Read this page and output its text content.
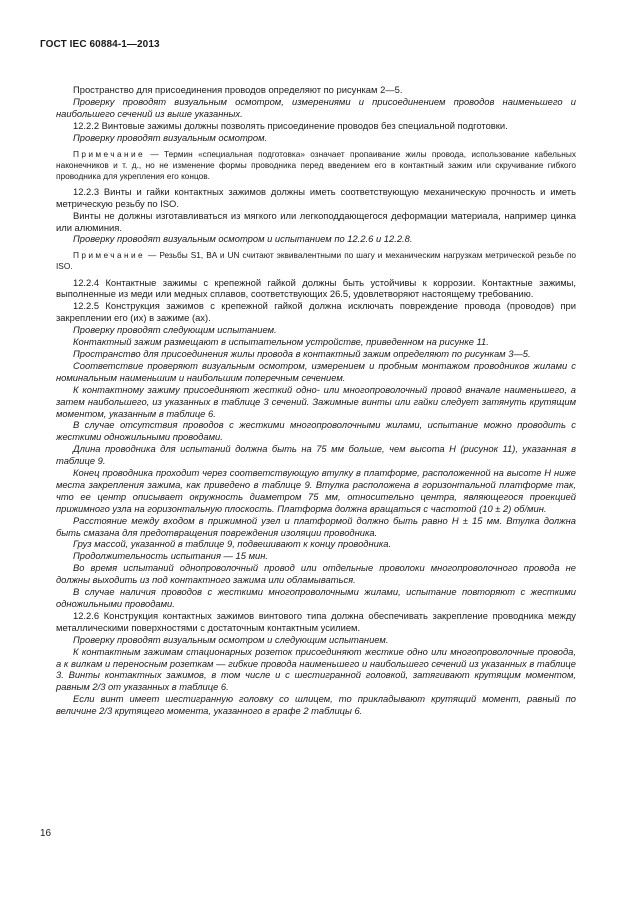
ГОСТ IEC 60884-1—2013

Пространство для присоединения проводов определяют по рисункам 2—5.

Проверку проводят визуальным осмотром, измерениями и присоединением проводов наименьшего и наибольшего сечений из выше указанных.

12.2.2 Винтовые зажимы должны позволять присоединение проводов без специальной подготовки.

Проверку проводят визуальным осмотром.

Примечание — Термин «специальная подготовка» означает пропаивание жилы провода, использование кабельных наконечников и т. д., но не изменение формы проводника перед введением его в контактный зажим или скручивание гибкого проводника для укрепления его концов.

12.2.3 Винты и гайки контактных зажимов должны иметь соответствующую механическую прочность и иметь метрическую резьбу по ISO.

Винты не должны изготавливаться из мягкого или легкоподдающегося деформации материала, например цинка или алюминия.

Проверку проводят визуальным осмотром и испытанием по 12.2.6 и 12.2.8.

Примечание — Резьбы S1, BA и UN считают эквивалентными по шагу и механическим нагрузкам метрической резьбе по ISO.

12.2.4 Контактные зажимы с крепежной гайкой должны быть устойчивы к коррозии. Контактные зажимы, выполненные из меди или медных сплавов, соответствующих 26.5, удовлетворяют настоящему требованию.

12.2.5 Конструкция зажимов с крепежной гайкой должна исключать повреждение провода (проводов) при закреплении его (их) в зажиме (ах).

Проверку проводят следующим испытанием.

Контактный зажим размещают в испытательном устройстве, приведенном на рисунке 11.

Пространство для присоединения жилы провода в контактный зажим определяют по рисункам 3—5.

Соответствие проверяют визуальным осмотром, измерением и пробным монтажом проводников жилами с номинальным наименьшим и наибольшим поперечным сечением.

К контактному зажиму присоединяют жесткий одно- или многопроволочный провод вначале наименьшего, а затем наибольшего, из указанных в таблице 3 сечений. Зажимные винты или гайки следует затянуть крутящим моментом, указанным в таблице 6.

В случае отсутствия проводов с жесткими многопроволочными жилами, испытание можно проводить с жесткими одножильными проводами.

Длина проводника для испытаний должна быть на 75 мм больше, чем высота H (рисунок 11), указанная в таблице 9.

Конец проводника проходит через соответствующую втулку в платформе, расположенной на высоте H ниже места закрепления зажима, как приведено в таблице 9. Втулка расположена в горизонтальной платформе так, что ее центр описывает окружность диаметром 75 мм, относительно центра, являющегося проекцией прижимного узла на горизонтальную плоскость. Платформа должна вращаться с частотой (10 ± 2) об/мин.

Расстояние между входом в прижимной узел и платформой должно быть равно H ± 15 мм. Втулка должна быть смазана для предотвращения повреждения изоляции проводника.

Груз массой, указанной в таблице 9, подвешивают к концу проводника.

Продолжительность испытания — 15 мин.

Во время испытаний однопроволочный провод или отдельные проволоки многопроволочного провода не должны выходить из под контактного зажима или обламываться.

В случае наличия проводов с жесткими многопроволочными жилами, испытание повторяют с жесткими одножильными проводами.

12.2.6 Конструкция контактных зажимов винтового типа должна обеспечивать закрепление проводника между металлическими поверхностями с достаточным контактным усилием.

Проверку проводят визуальным осмотром и следующим испытанием.

К контактным зажимам стационарных розеток присоединяют жесткие одно или многопроволочные провода, а к вилкам и переносным розеткам — гибкие провода наименьшего и наибольшего сечений из указанных в таблице 3. Винты контактных зажимов, в том числе и с шестигранной головкой, затягивают крутящим моментом, равным 2/3 от указанных в таблице 6.

Если винт имеет шестигранную головку со шлицем, то прикладывают крутящий момент, равный по величине 2/3 крутящего момента, указанного в графе 2 таблицы 6.

16
